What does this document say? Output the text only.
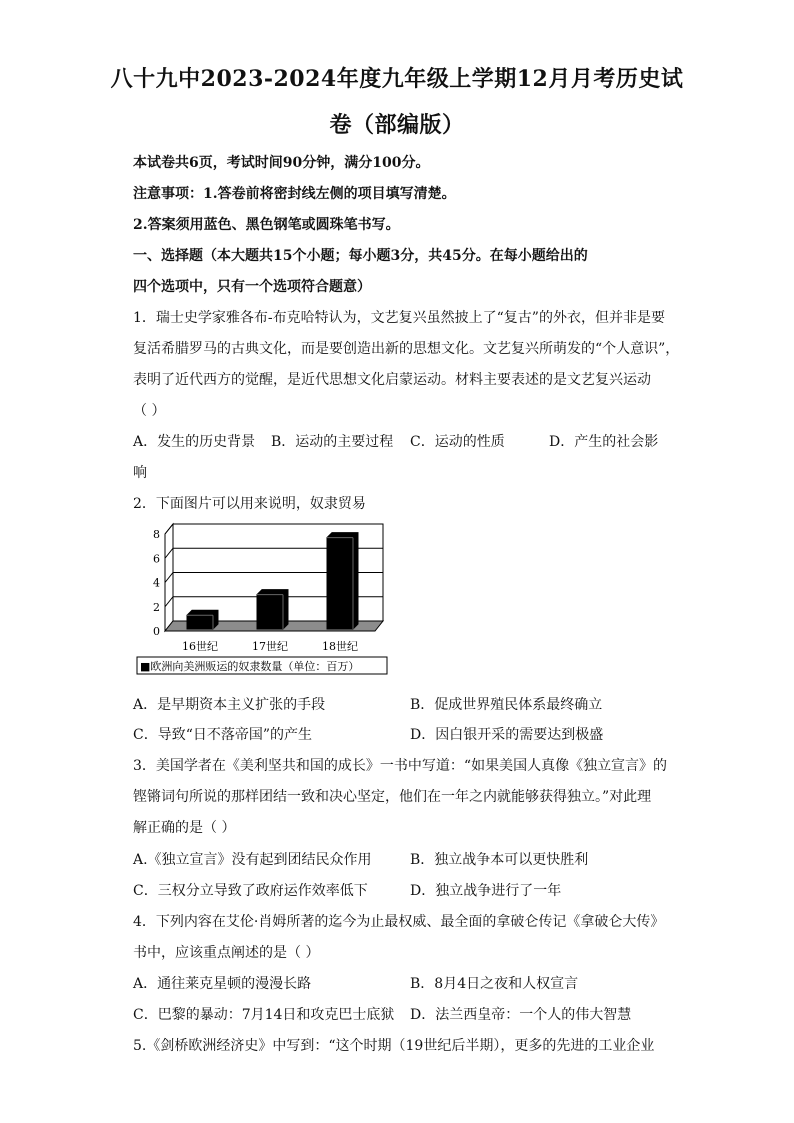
八十九中2023-2024年度九年级上学期12月月考历史试
卷（部编版）
本试卷共6页，考试时间90分钟，满分100分。
注意事项：1.答卷前将密封线左侧的项目填写清楚。
2.答案须用蓝色、黑色钢笔或圆珠笔书写。
一、选择题（本大题共15个小题；每小题3分，共45分。在每小题给出的
四个选项中，只有一个选项符合题意）
1．瑞士史学家雅各布-布克哈特认为，文艺复兴虽然披上了“复古”的外衣，但并非是要
复活希腊罗马的古典文化，而是要创造出新的思想文化。文艺复兴所萌发的“个人意识”，
表明了近代西方的觉醒，是近代思想文化启蒙运动。材料主要表述的是文艺复兴运动
（ ）
A．发生的历史背景 B．运动的主要过程 C．运动的性质	D．产生的社会影
响
2．下面图片可以用来说明，奴隶贸易
0
2
4
6
8
16世纪	17世纪	18世纪
■欧洲向美洲贩运的奴隶数量（单位：百万）
A．是早期资本主义扩张的手段	B．促成世界殖民体系最终确立
C．导致“日不落帝国”的产生	D．因白银开采的需要达到极盛
3．美国学者在《美利坚共和国的成长》一书中写道：“如果美国人真像《独立宣言》的
铿锵词句所说的那样团结一致和决心坚定，他们在一年之内就能够获得独立。”对此理
解正确的是（ ）
A.《独立宣言》没有起到团结民众作用	B．独立战争本可以更快胜利
C．三权分立导致了政府运作效率低下	D．独立战争进行了一年
4．下列内容在艾伦·肖姆所著的迄今为止最权威、最全面的拿破仑传记《拿破仑大传》
书中，应该重点阐述的是（ ）
A．通往莱克星顿的漫漫长路	B．8月4日之夜和人权宣言
C．巴黎的暴动：7月14日和攻克巴士底狱 D．法兰西皇帝：一个人的伟大智慧
5.《剑桥欧洲经济史》中写到：“这个时期（19世纪后半期），更多的先进的工业企业
